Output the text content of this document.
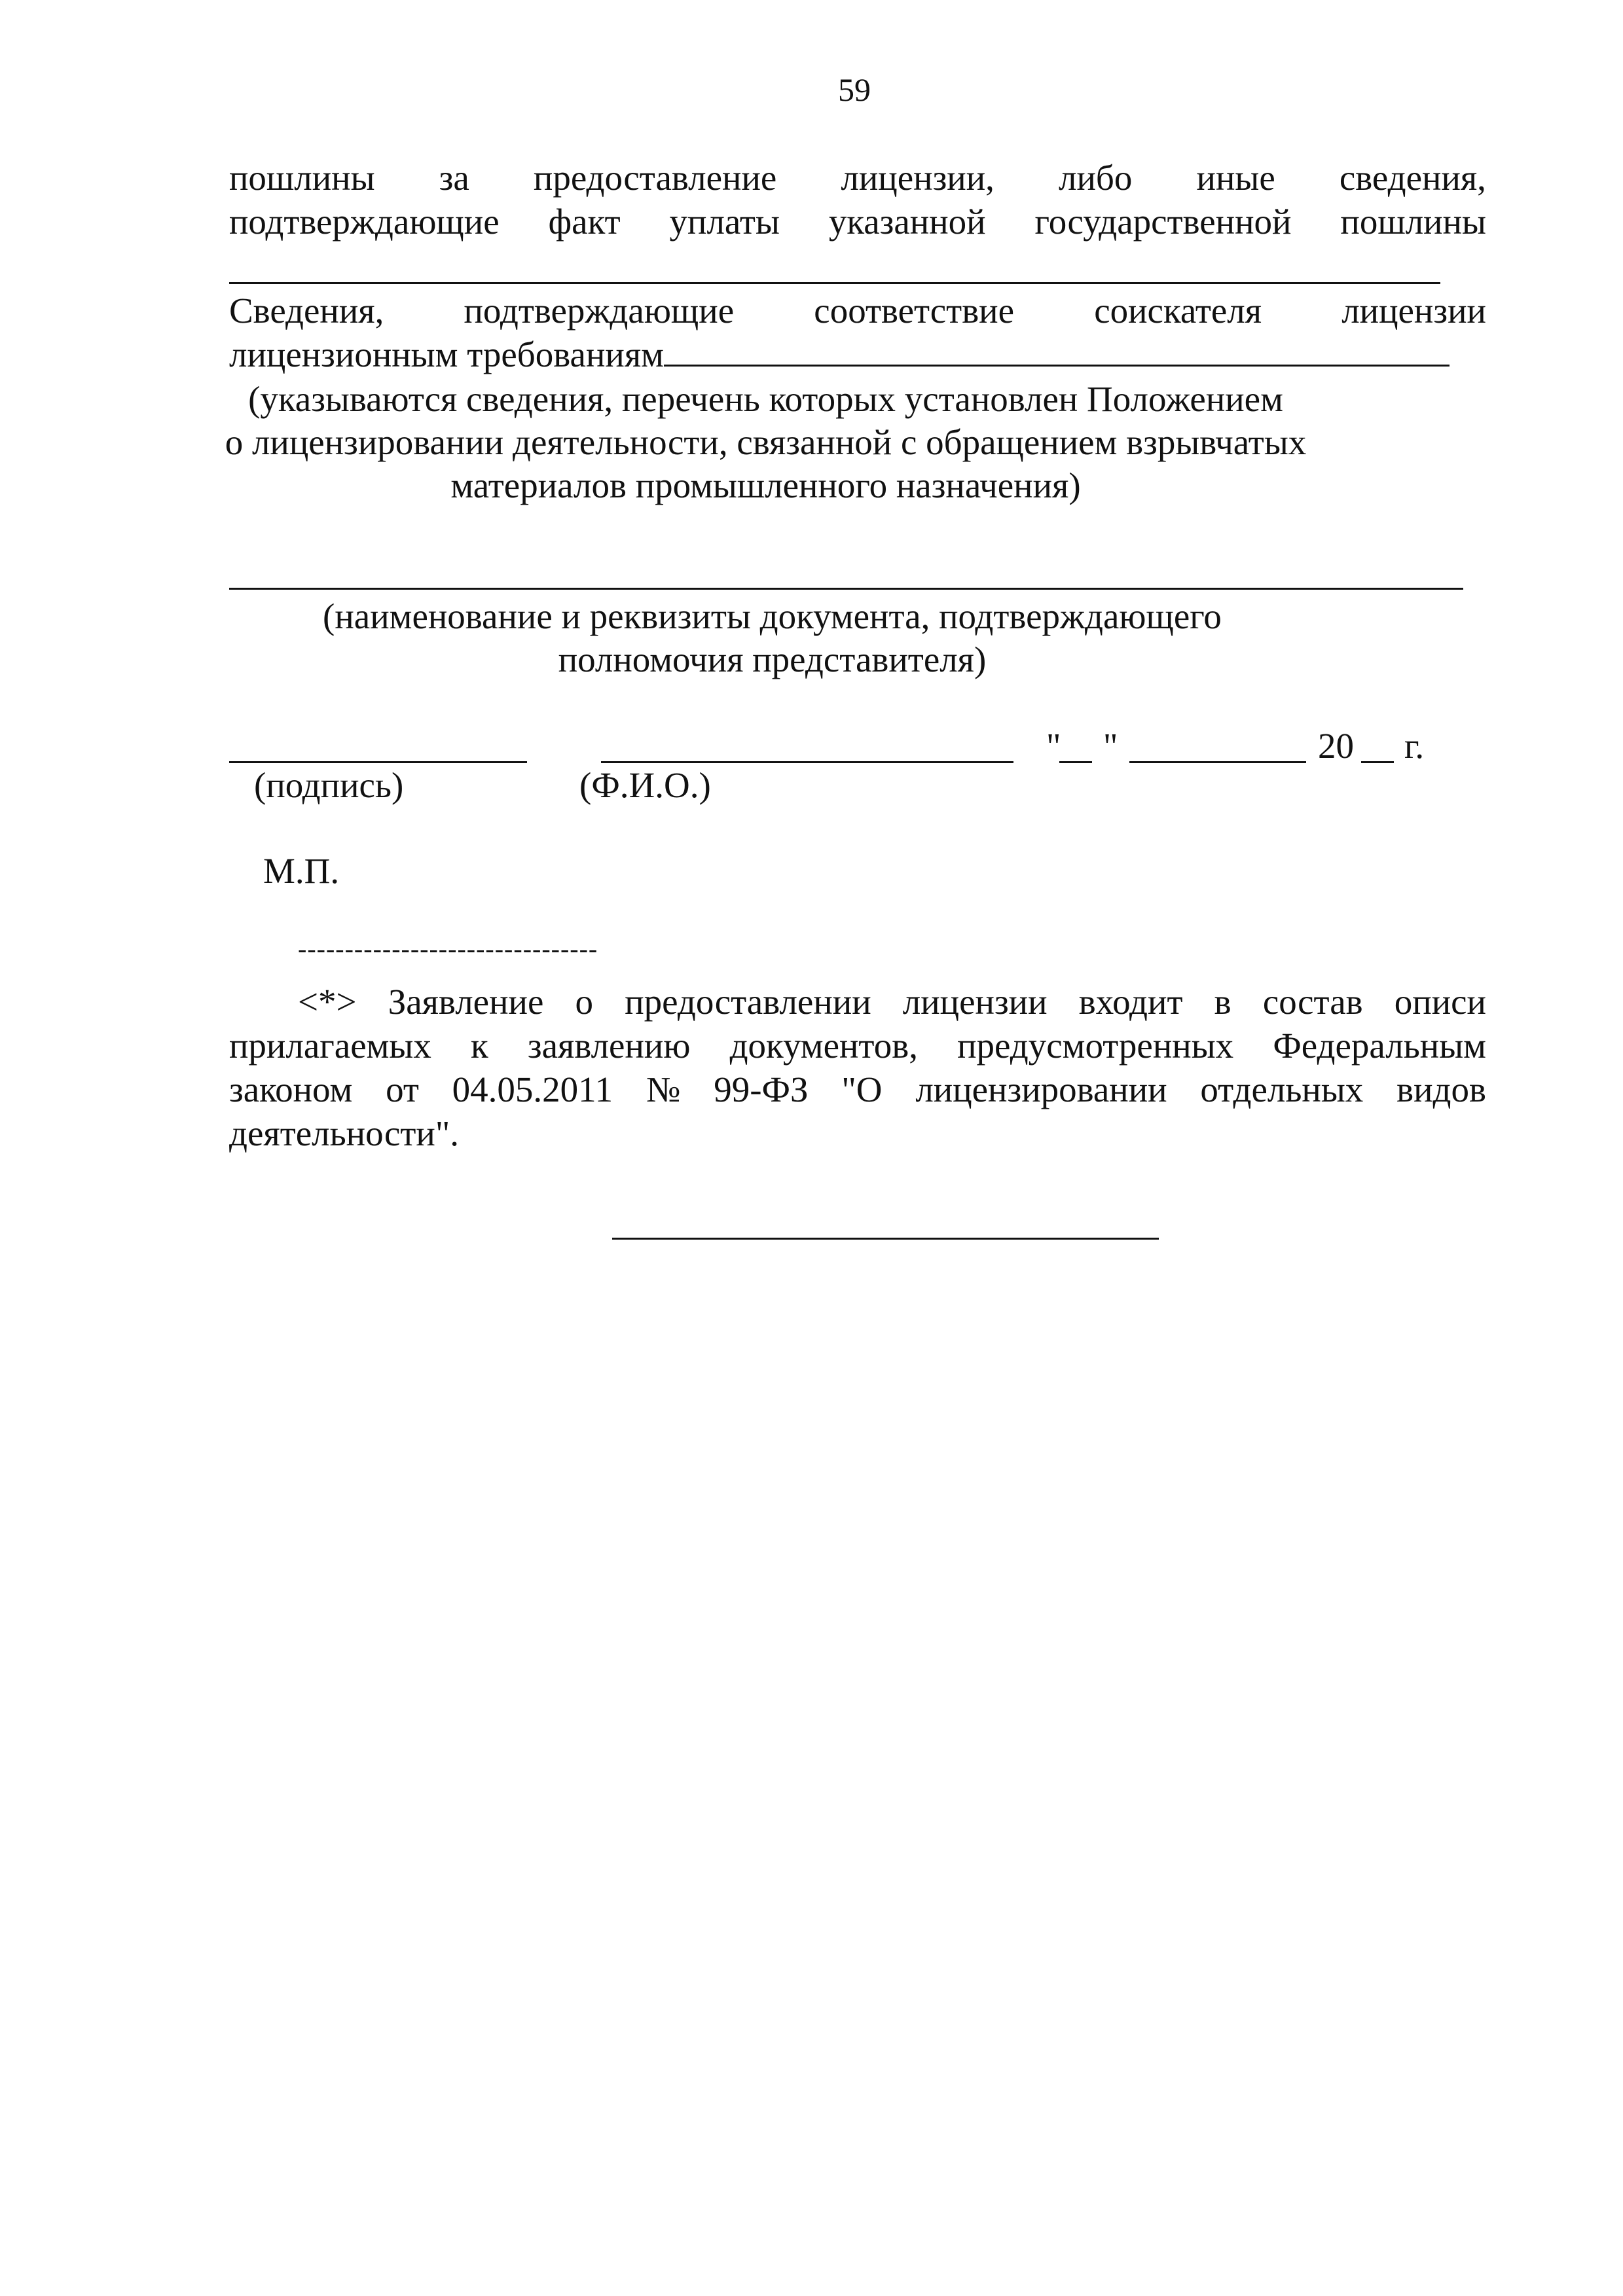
59
пошлины за предоставление лицензии, либо иные сведения,
подтверждающие факт уплаты указанной государственной пошлины
Сведения, подтверждающие соответствие соискателя лицензии
лицензионным требованиям
(указываются сведения, перечень которых установлен Положением
о лицензировании деятельности, связанной с обращением взрывчатых
материалов промышленного назначения)
(наименование и реквизиты документа, подтверждающего
полномочия представителя)
" "	20 г.
(подпись)	(Ф.И.О.)
М.П.
--------------------------------
<*> Заявление о предоставлении лицензии входит в состав описи
прилагаемых к заявлению документов, предусмотренных Федеральным
законом от 04.05.2011 № 99-ФЗ "О лицензировании отдельных видов
деятельности".
